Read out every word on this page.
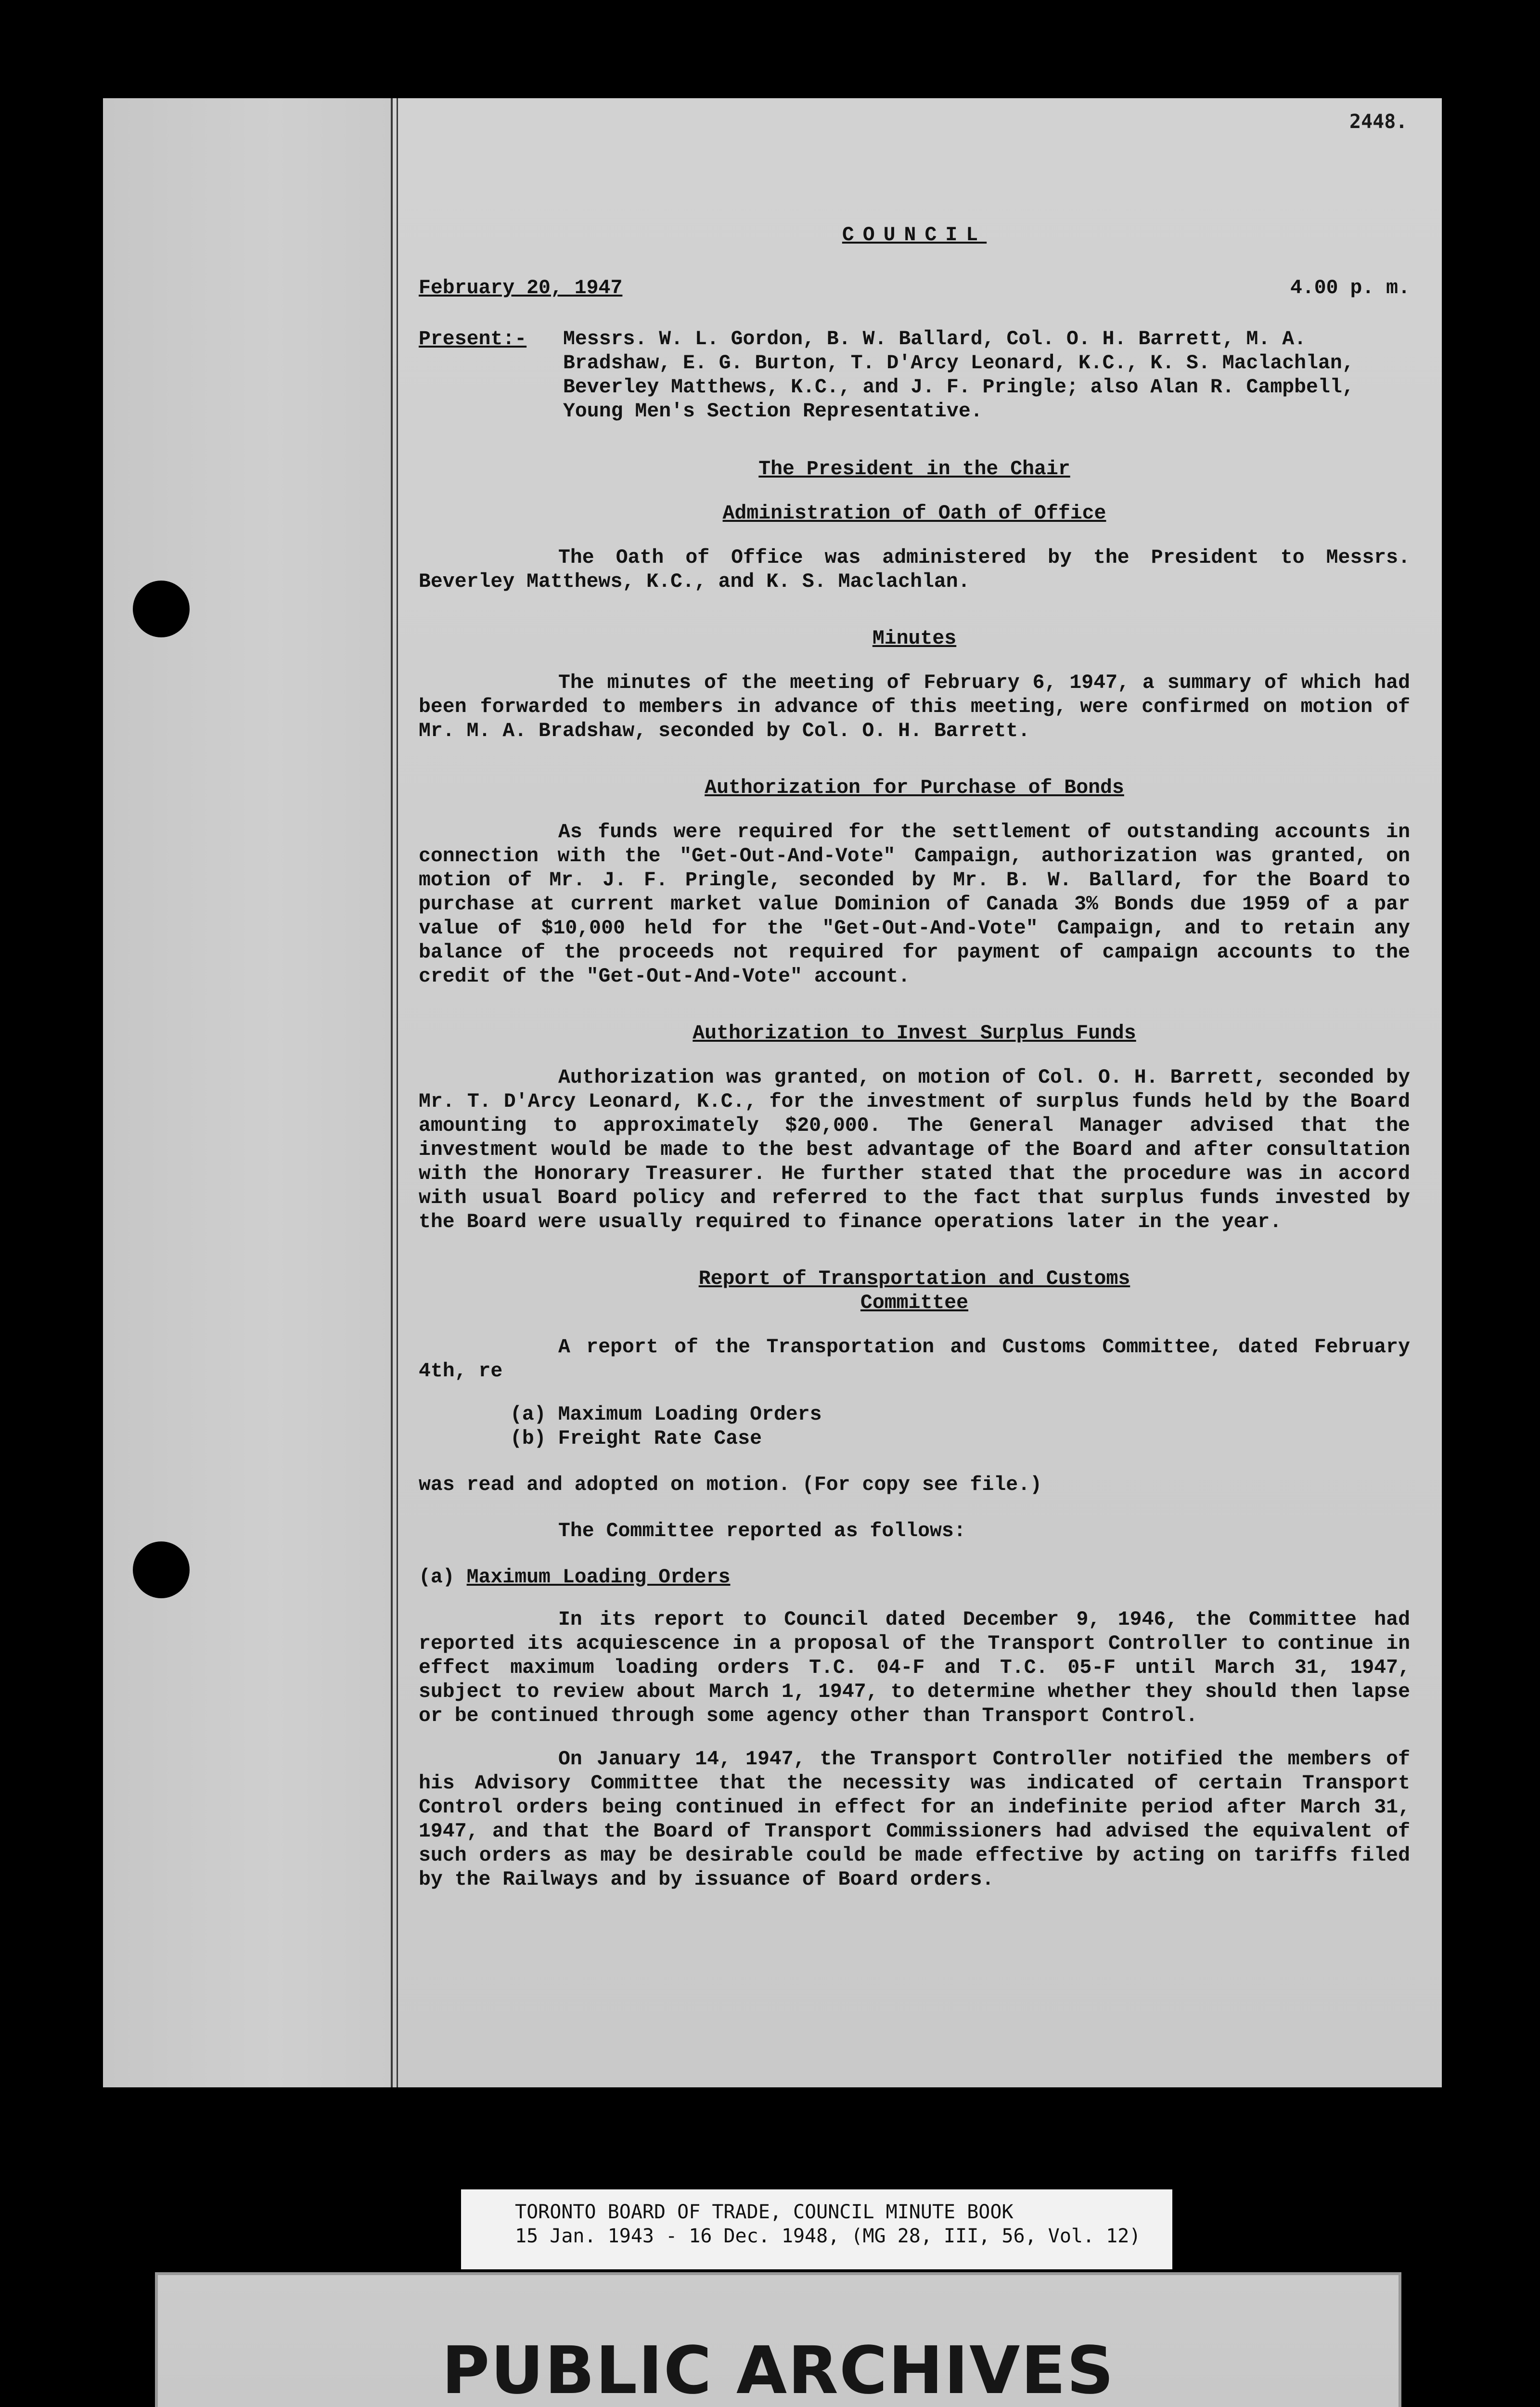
2448.
COUNCIL
February 20, 1947	4.00 p. m.
Present:-	Messrs. W. L. Gordon, B. W. Ballard, Col. O. H. Barrett, M. A. Bradshaw, E. G. Burton, T. D'Arcy Leonard, K.C., K. S. Maclachlan, Beverley Matthews, K.C., and J. F. Pringle; also Alan R. Campbell, Young Men's Section Representative.
The President in the Chair
Administration of Oath of Office
The Oath of Office was administered by the President to Messrs. Beverley Matthews, K.C., and K. S. Maclachlan.
Minutes
The minutes of the meeting of February 6, 1947, a summary of which had been forwarded to members in advance of this meeting, were confirmed on motion of Mr. M. A. Bradshaw, seconded by Col. O. H. Barrett.
Authorization for Purchase of Bonds
As funds were required for the settlement of outstanding accounts in connection with the "Get-Out-And-Vote" Campaign, authorization was granted, on motion of Mr. J. F. Pringle, seconded by Mr. B. W. Ballard, for the Board to purchase at current market value Dominion of Canada 3% Bonds due 1959 of a par value of $10,000 held for the "Get-Out-And-Vote" Campaign, and to retain any balance of the proceeds not required for payment of campaign accounts to the credit of the "Get-Out-And-Vote" account.
Authorization to Invest Surplus Funds
Authorization was granted, on motion of Col. O. H. Barrett, seconded by Mr. T. D'Arcy Leonard, K.C., for the investment of surplus funds held by the Board amounting to approximately $20,000. The General Manager advised that the investment would be made to the best advantage of the Board and after consultation with the Honorary Treasurer. He further stated that the procedure was in accord with usual Board policy and referred to the fact that surplus funds invested by the Board were usually required to finance operations later in the year.
Report of Transportation and Customs
Committee
A report of the Transportation and Customs Committee, dated February 4th, re
(a) Maximum Loading Orders
(b) Freight Rate Case
was read and adopted on motion. (For copy see file.)
The Committee reported as follows:
(a) Maximum Loading Orders
In its report to Council dated December 9, 1946, the Committee had reported its acquiescence in a proposal of the Transport Controller to continue in effect maximum loading orders T.C. 04-F and T.C. 05-F until March 31, 1947, subject to review about March 1, 1947, to determine whether they should then lapse or be continued through some agency other than Transport Control.
On January 14, 1947, the Transport Controller notified the members of his Advisory Committee that the necessity was indicated of certain Transport Control orders being continued in effect for an indefinite period after March 31, 1947, and that the Board of Transport Commissioners had advised the equivalent of such orders as may be desirable could be made effective by acting on tariffs filed by the Railways and by issuance of Board orders.
TORONTO BOARD OF TRADE, COUNCIL MINUTE BOOK
15 Jan. 1943 - 16 Dec. 1948, (MG 28, III, 56, Vol. 12)
PUBLIC ARCHIVES
